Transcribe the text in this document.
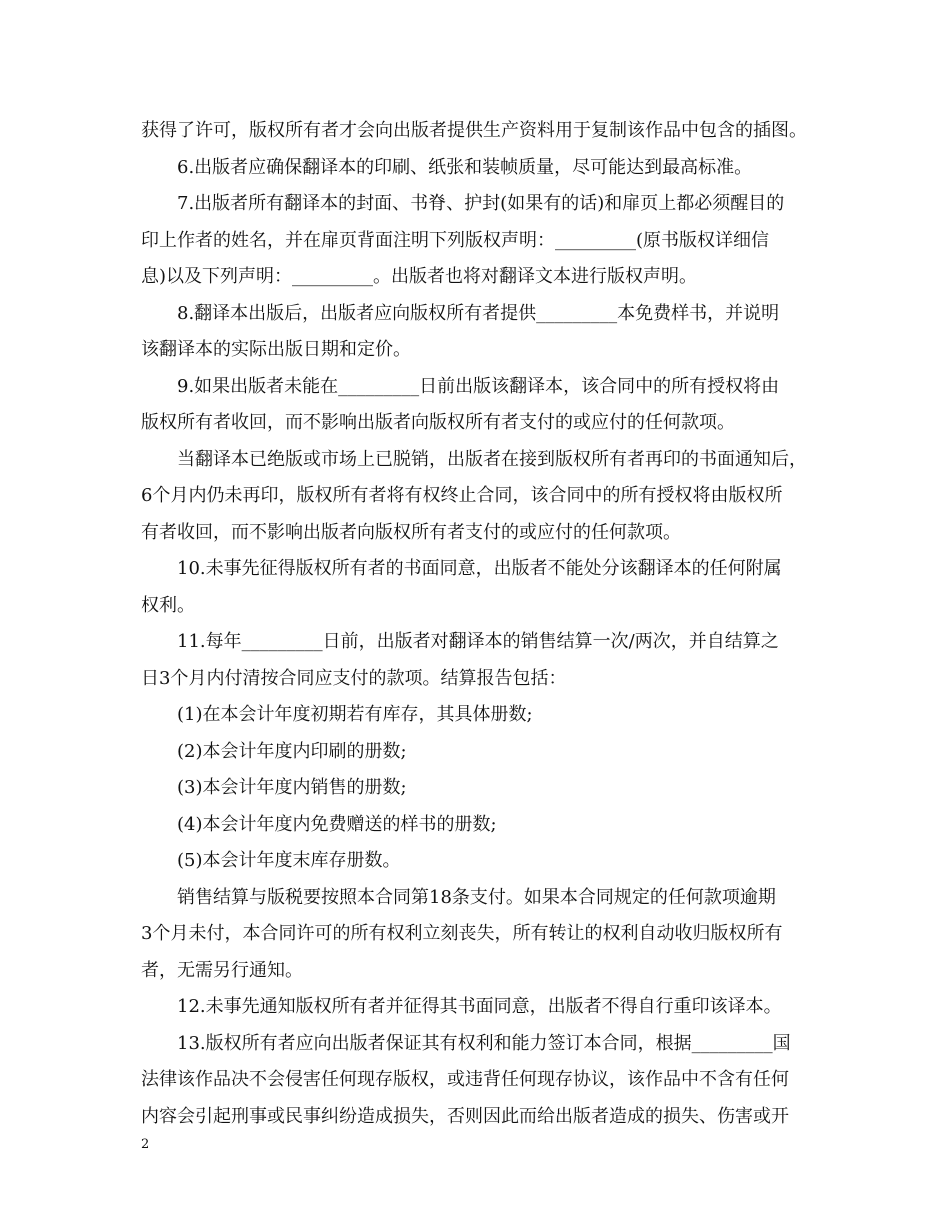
获得了许可，版权所有者才会向出版者提供生产资料用于复制该作品中包含的插图。
6.出版者应确保翻译本的印刷、纸张和装帧质量，尽可能达到最高标准。
7.出版者所有翻译本的封面、书脊、护封(如果有的话)和扉页上都必须醒目的
印上作者的姓名，并在扉页背面注明下列版权声明：_________(原书版权详细信
息)以及下列声明：_________。出版者也将对翻译文本进行版权声明。
8.翻译本出版后，出版者应向版权所有者提供_________本免费样书，并说明
该翻译本的实际出版日期和定价。
9.如果出版者未能在_________日前出版该翻译本，该合同中的所有授权将由
版权所有者收回，而不影响出版者向版权所有者支付的或应付的任何款项。
当翻译本已绝版或市场上已脱销，出版者在接到版权所有者再印的书面通知后，
6个月内仍未再印，版权所有者将有权终止合同，该合同中的所有授权将由版权所
有者收回，而不影响出版者向版权所有者支付的或应付的任何款项。
10.未事先征得版权所有者的书面同意，出版者不能处分该翻译本的任何附属
权利。
11.每年_________日前，出版者对翻译本的销售结算一次/两次，并自结算之
日3个月内付清按合同应支付的款项。结算报告包括：
(1)在本会计年度初期若有库存，其具体册数;
(2)本会计年度内印刷的册数;
(3)本会计年度内销售的册数;
(4)本会计年度内免费赠送的样书的册数;
(5)本会计年度末库存册数。
销售结算与版税要按照本合同第18条支付。如果本合同规定的任何款项逾期
3个月未付，本合同许可的所有权利立刻丧失，所有转让的权利自动收归版权所有
者，无需另行通知。
12.未事先通知版权所有者并征得其书面同意，出版者不得自行重印该译本。
13.版权所有者应向出版者保证其有权利和能力签订本合同，根据_________国
法律该作品决不会侵害任何现存版权，或违背任何现存协议，该作品中不含有任何
内容会引起刑事或民事纠纷造成损失，否则因此而给出版者造成的损失、伤害或开
2
